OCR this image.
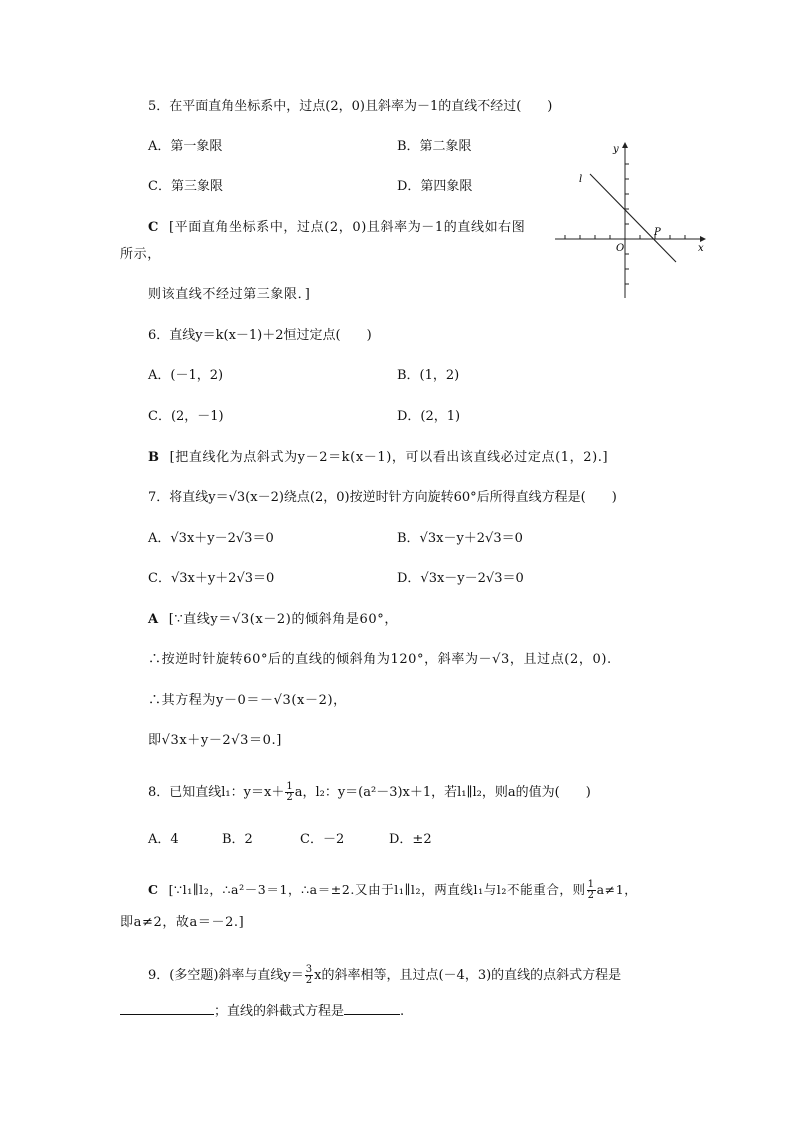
5．在平面直角坐标系中，过点(2，0)且斜率为－1的直线不经过(　　)
A．第一象限	B．第二象限
C．第三象限	D．第四象限
C [平面直角坐标系中，过点(2，0)且斜率为－1的直线如右图
所示，
则该直线不经过第三象限．]
y
x
O
l
P
6．直线y＝k(x－1)＋2恒过定点(　　)
A．(－1，2)	B．(1，2)
C．(2，－1)	D．(2，1)
B [把直线化为点斜式为y－2＝k(x－1)，可以看出该直线必过定点(1，2).]
7．将直线y＝√3(x－2)绕点(2，0)按逆时针方向旋转60°后所得直线方程是(　　)
A．√3x＋y－2√3＝0	B．√3x－y＋2√3＝0
C．√3x＋y＋2√3＝0	D．√3x－y－2√3＝0
A [∵直线y＝√3(x－2)的倾斜角是60°，
∴按逆时针旋转60°后的直线的倾斜角为120°，斜率为－√3，且过点(2，0).
∴其方程为y－0＝－√3(x－2)，
即√3x＋y－2√3＝0.]
8．已知直线l₁：$y=x+ \frac{1}{2}$ a，l₂：y＝(a²－3)x＋1，若l₁∥l₂，则a的值为(　　)
A．4	B．2	C．－2	D．±2
C [∵l₁∥l₂，∴a²－3＝1，∴a＝±2.又由于l₁∥l₂，两直线l₁与l₂不能重合，则 $\frac{1}{2} a\ne 1$，
即a≠2，故a＝－2.]
9．(多空题)斜率与直线$y= \frac{3}{2}$ x的斜率相等，且过点(－4，3)的直线的点斜式方程是
；直线的斜截式方程是	.
